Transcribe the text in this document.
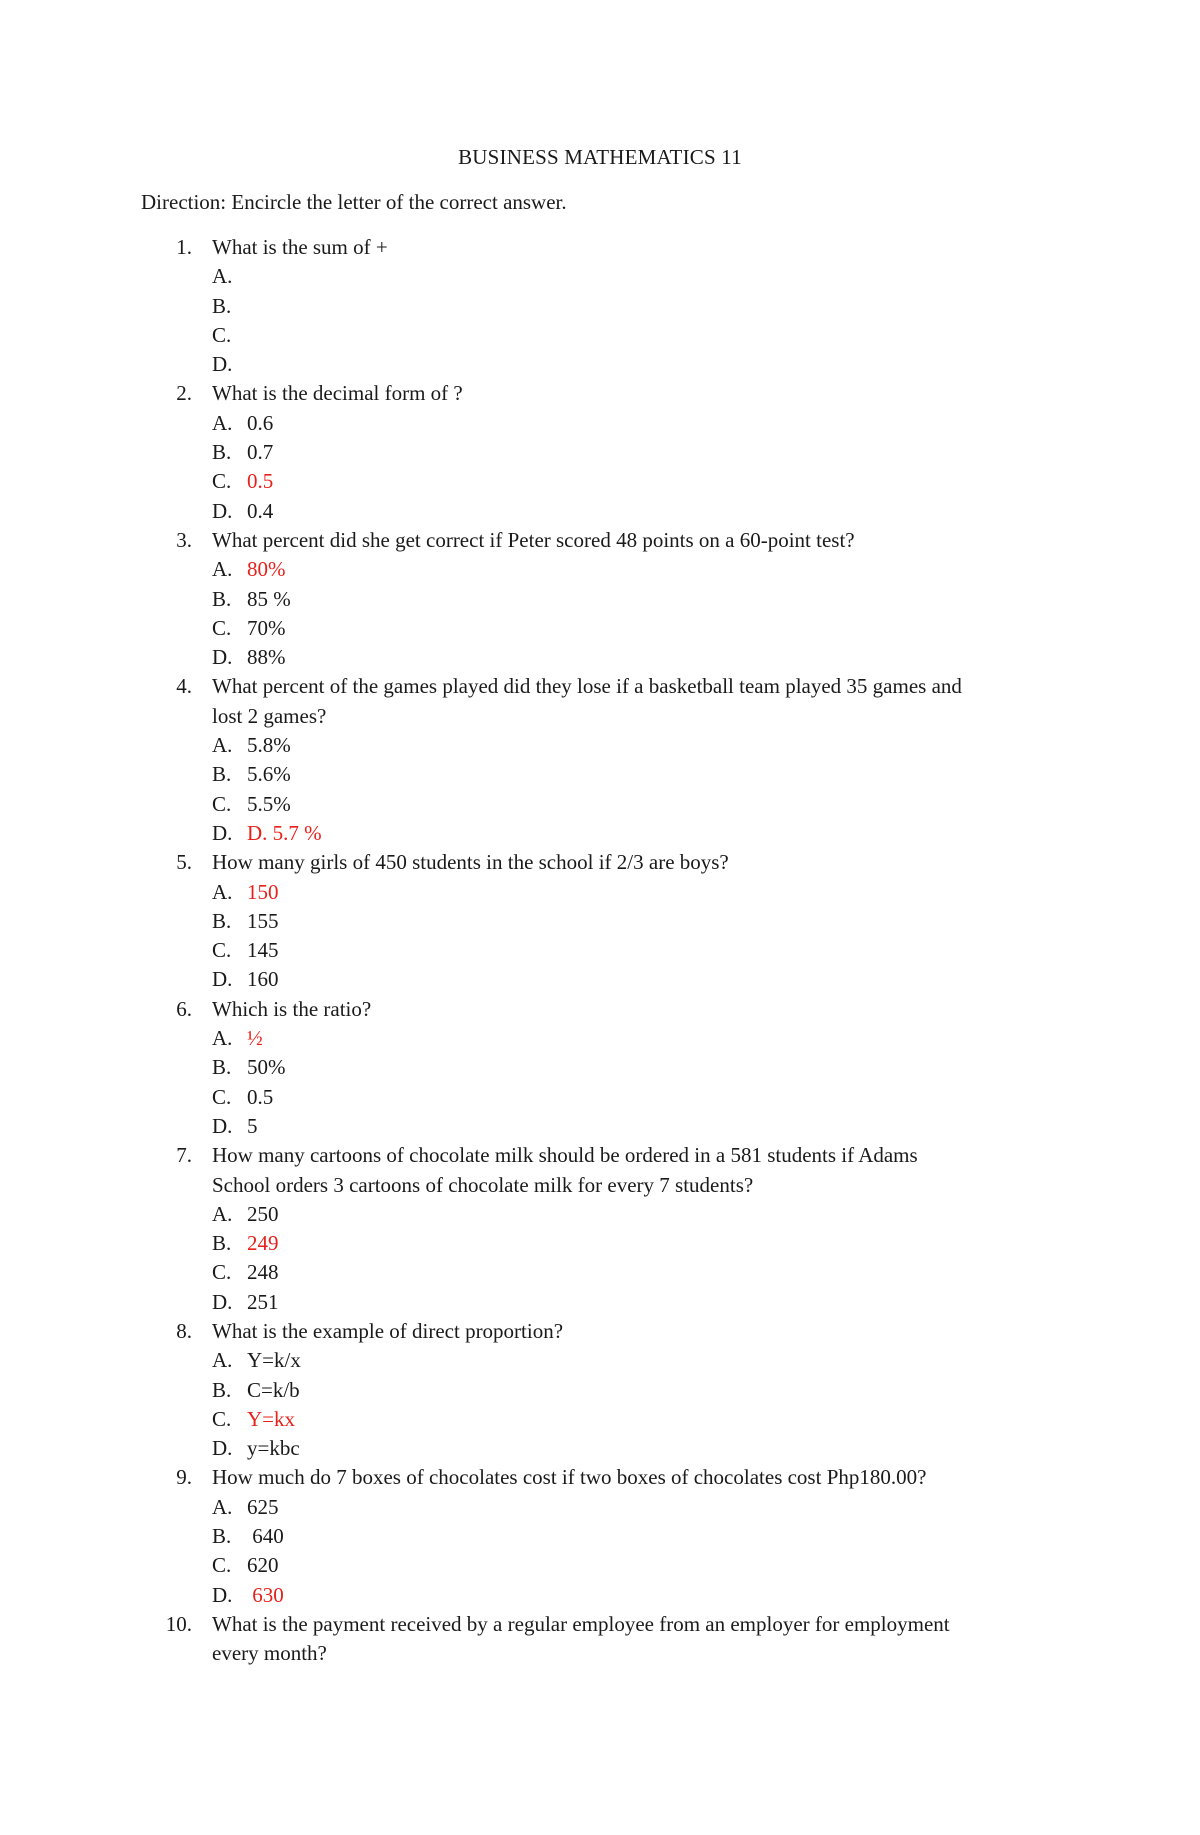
BUSINESS MATHEMATICS 11
Direction: Encircle the letter of the correct answer.
1. What is the sum of +
A.
B.
C.
D.
2. What is the decimal form of ?
A. 0.6
B. 0.7
C. 0.5
D. 0.4
3. What percent did she get correct if Peter scored 48 points on a 60-point test?
A. 80%
B. 85 %
C. 70%
D. 88%
4. What percent of the games played did they lose if a basketball team played 35 games and
lost 2 games?
A. 5.8%
B. 5.6%
C. 5.5%
D. D. 5.7 %
5. How many girls of 450 students in the school if 2/3 are boys?
A. 150
B. 155
C. 145
D. 160
6. Which is the ratio?
A. ½
B. 50%
C. 0.5
D. 5
7. How many cartoons of chocolate milk should be ordered in a 581 students if Adams
School orders 3 cartoons of chocolate milk for every 7 students?
A. 250
B. 249
C. 248
D. 251
8. What is the example of direct proportion?
A. Y=k/x
B. C=k/b
C. Y=kx
D. y=kbc
9. How much do 7 boxes of chocolates cost if two boxes of chocolates cost Php180.00?
A. 625
B. 640
C. 620
D. 630
10. What is the payment received by a regular employee from an employer for employment
every month?
